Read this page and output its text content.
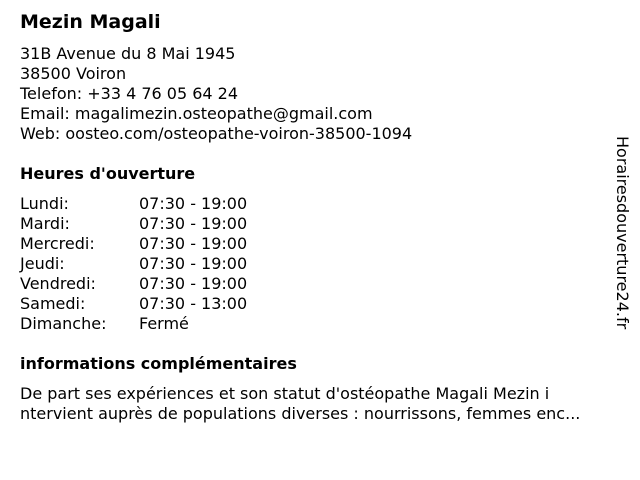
Mezin Magali
31B Avenue du 8 Mai 1945
38500 Voiron
Telefon: +33 4 76 05 64 24
Email: magalimezin.osteopathe@gmail.com
Web: oosteo.com/osteopathe-voiron-38500-1094
Heures d'ouverture
Lundi:	07:30 - 19:00
Mardi:	07:30 - 19:00
Mercredi:	07:30 - 19:00
Jeudi:	07:30 - 19:00
Vendredi:	07:30 - 19:00
Samedi:	07:30 - 13:00
Dimanche:	Fermé
informations complémentaires
De part ses expériences et son statut d'ostéopathe Magali Mezin i
ntervient auprès de populations diverses : nourrissons, femmes enc...
Horairesdouverture24.fr
